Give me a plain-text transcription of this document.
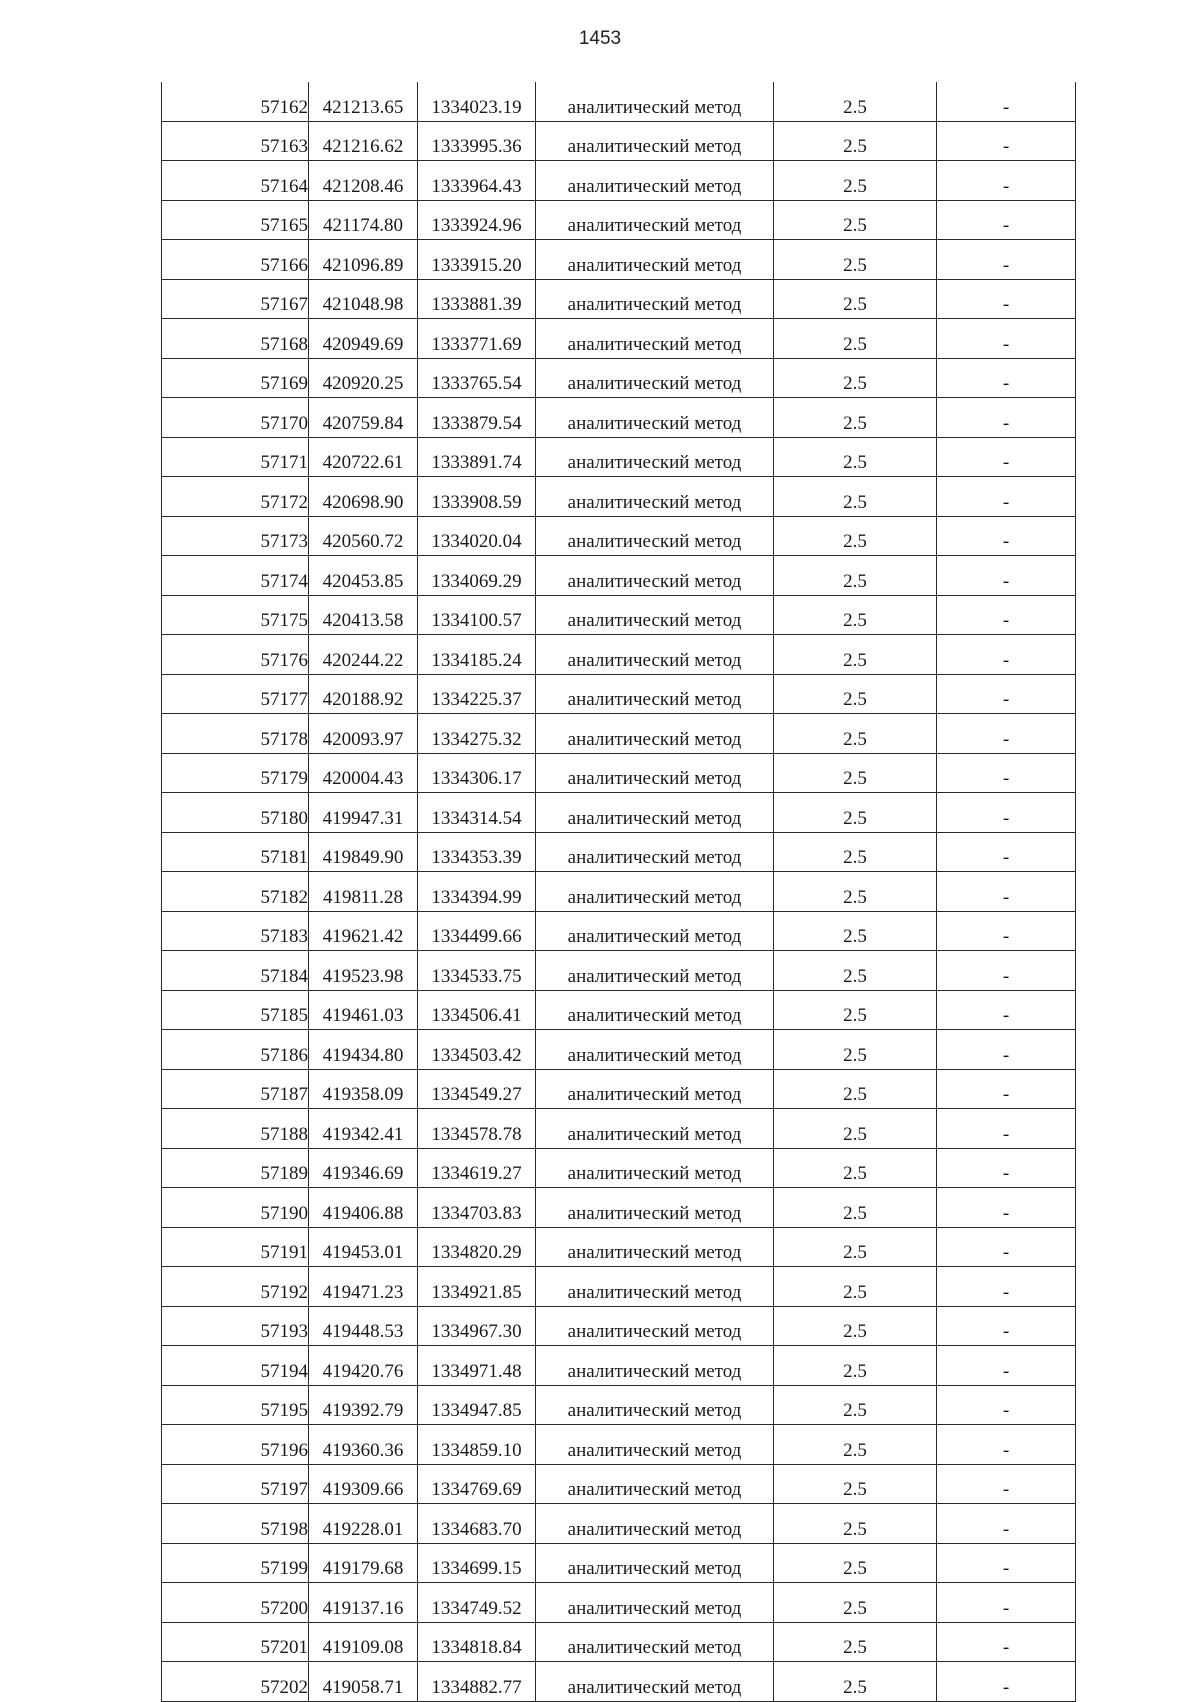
1453
57162	421213.65	1334023.19	аналитический метод	2.5	-
57163	421216.62	1333995.36	аналитический метод	2.5	-
57164	421208.46	1333964.43	аналитический метод	2.5	-
57165	421174.80	1333924.96	аналитический метод	2.5	-
57166	421096.89	1333915.20	аналитический метод	2.5	-
57167	421048.98	1333881.39	аналитический метод	2.5	-
57168	420949.69	1333771.69	аналитический метод	2.5	-
57169	420920.25	1333765.54	аналитический метод	2.5	-
57170	420759.84	1333879.54	аналитический метод	2.5	-
57171	420722.61	1333891.74	аналитический метод	2.5	-
57172	420698.90	1333908.59	аналитический метод	2.5	-
57173	420560.72	1334020.04	аналитический метод	2.5	-
57174	420453.85	1334069.29	аналитический метод	2.5	-
57175	420413.58	1334100.57	аналитический метод	2.5	-
57176	420244.22	1334185.24	аналитический метод	2.5	-
57177	420188.92	1334225.37	аналитический метод	2.5	-
57178	420093.97	1334275.32	аналитический метод	2.5	-
57179	420004.43	1334306.17	аналитический метод	2.5	-
57180	419947.31	1334314.54	аналитический метод	2.5	-
57181	419849.90	1334353.39	аналитический метод	2.5	-
57182	419811.28	1334394.99	аналитический метод	2.5	-
57183	419621.42	1334499.66	аналитический метод	2.5	-
57184	419523.98	1334533.75	аналитический метод	2.5	-
57185	419461.03	1334506.41	аналитический метод	2.5	-
57186	419434.80	1334503.42	аналитический метод	2.5	-
57187	419358.09	1334549.27	аналитический метод	2.5	-
57188	419342.41	1334578.78	аналитический метод	2.5	-
57189	419346.69	1334619.27	аналитический метод	2.5	-
57190	419406.88	1334703.83	аналитический метод	2.5	-
57191	419453.01	1334820.29	аналитический метод	2.5	-
57192	419471.23	1334921.85	аналитический метод	2.5	-
57193	419448.53	1334967.30	аналитический метод	2.5	-
57194	419420.76	1334971.48	аналитический метод	2.5	-
57195	419392.79	1334947.85	аналитический метод	2.5	-
57196	419360.36	1334859.10	аналитический метод	2.5	-
57197	419309.66	1334769.69	аналитический метод	2.5	-
57198	419228.01	1334683.70	аналитический метод	2.5	-
57199	419179.68	1334699.15	аналитический метод	2.5	-
57200	419137.16	1334749.52	аналитический метод	2.5	-
57201	419109.08	1334818.84	аналитический метод	2.5	-
57202	419058.71	1334882.77	аналитический метод	2.5	-
